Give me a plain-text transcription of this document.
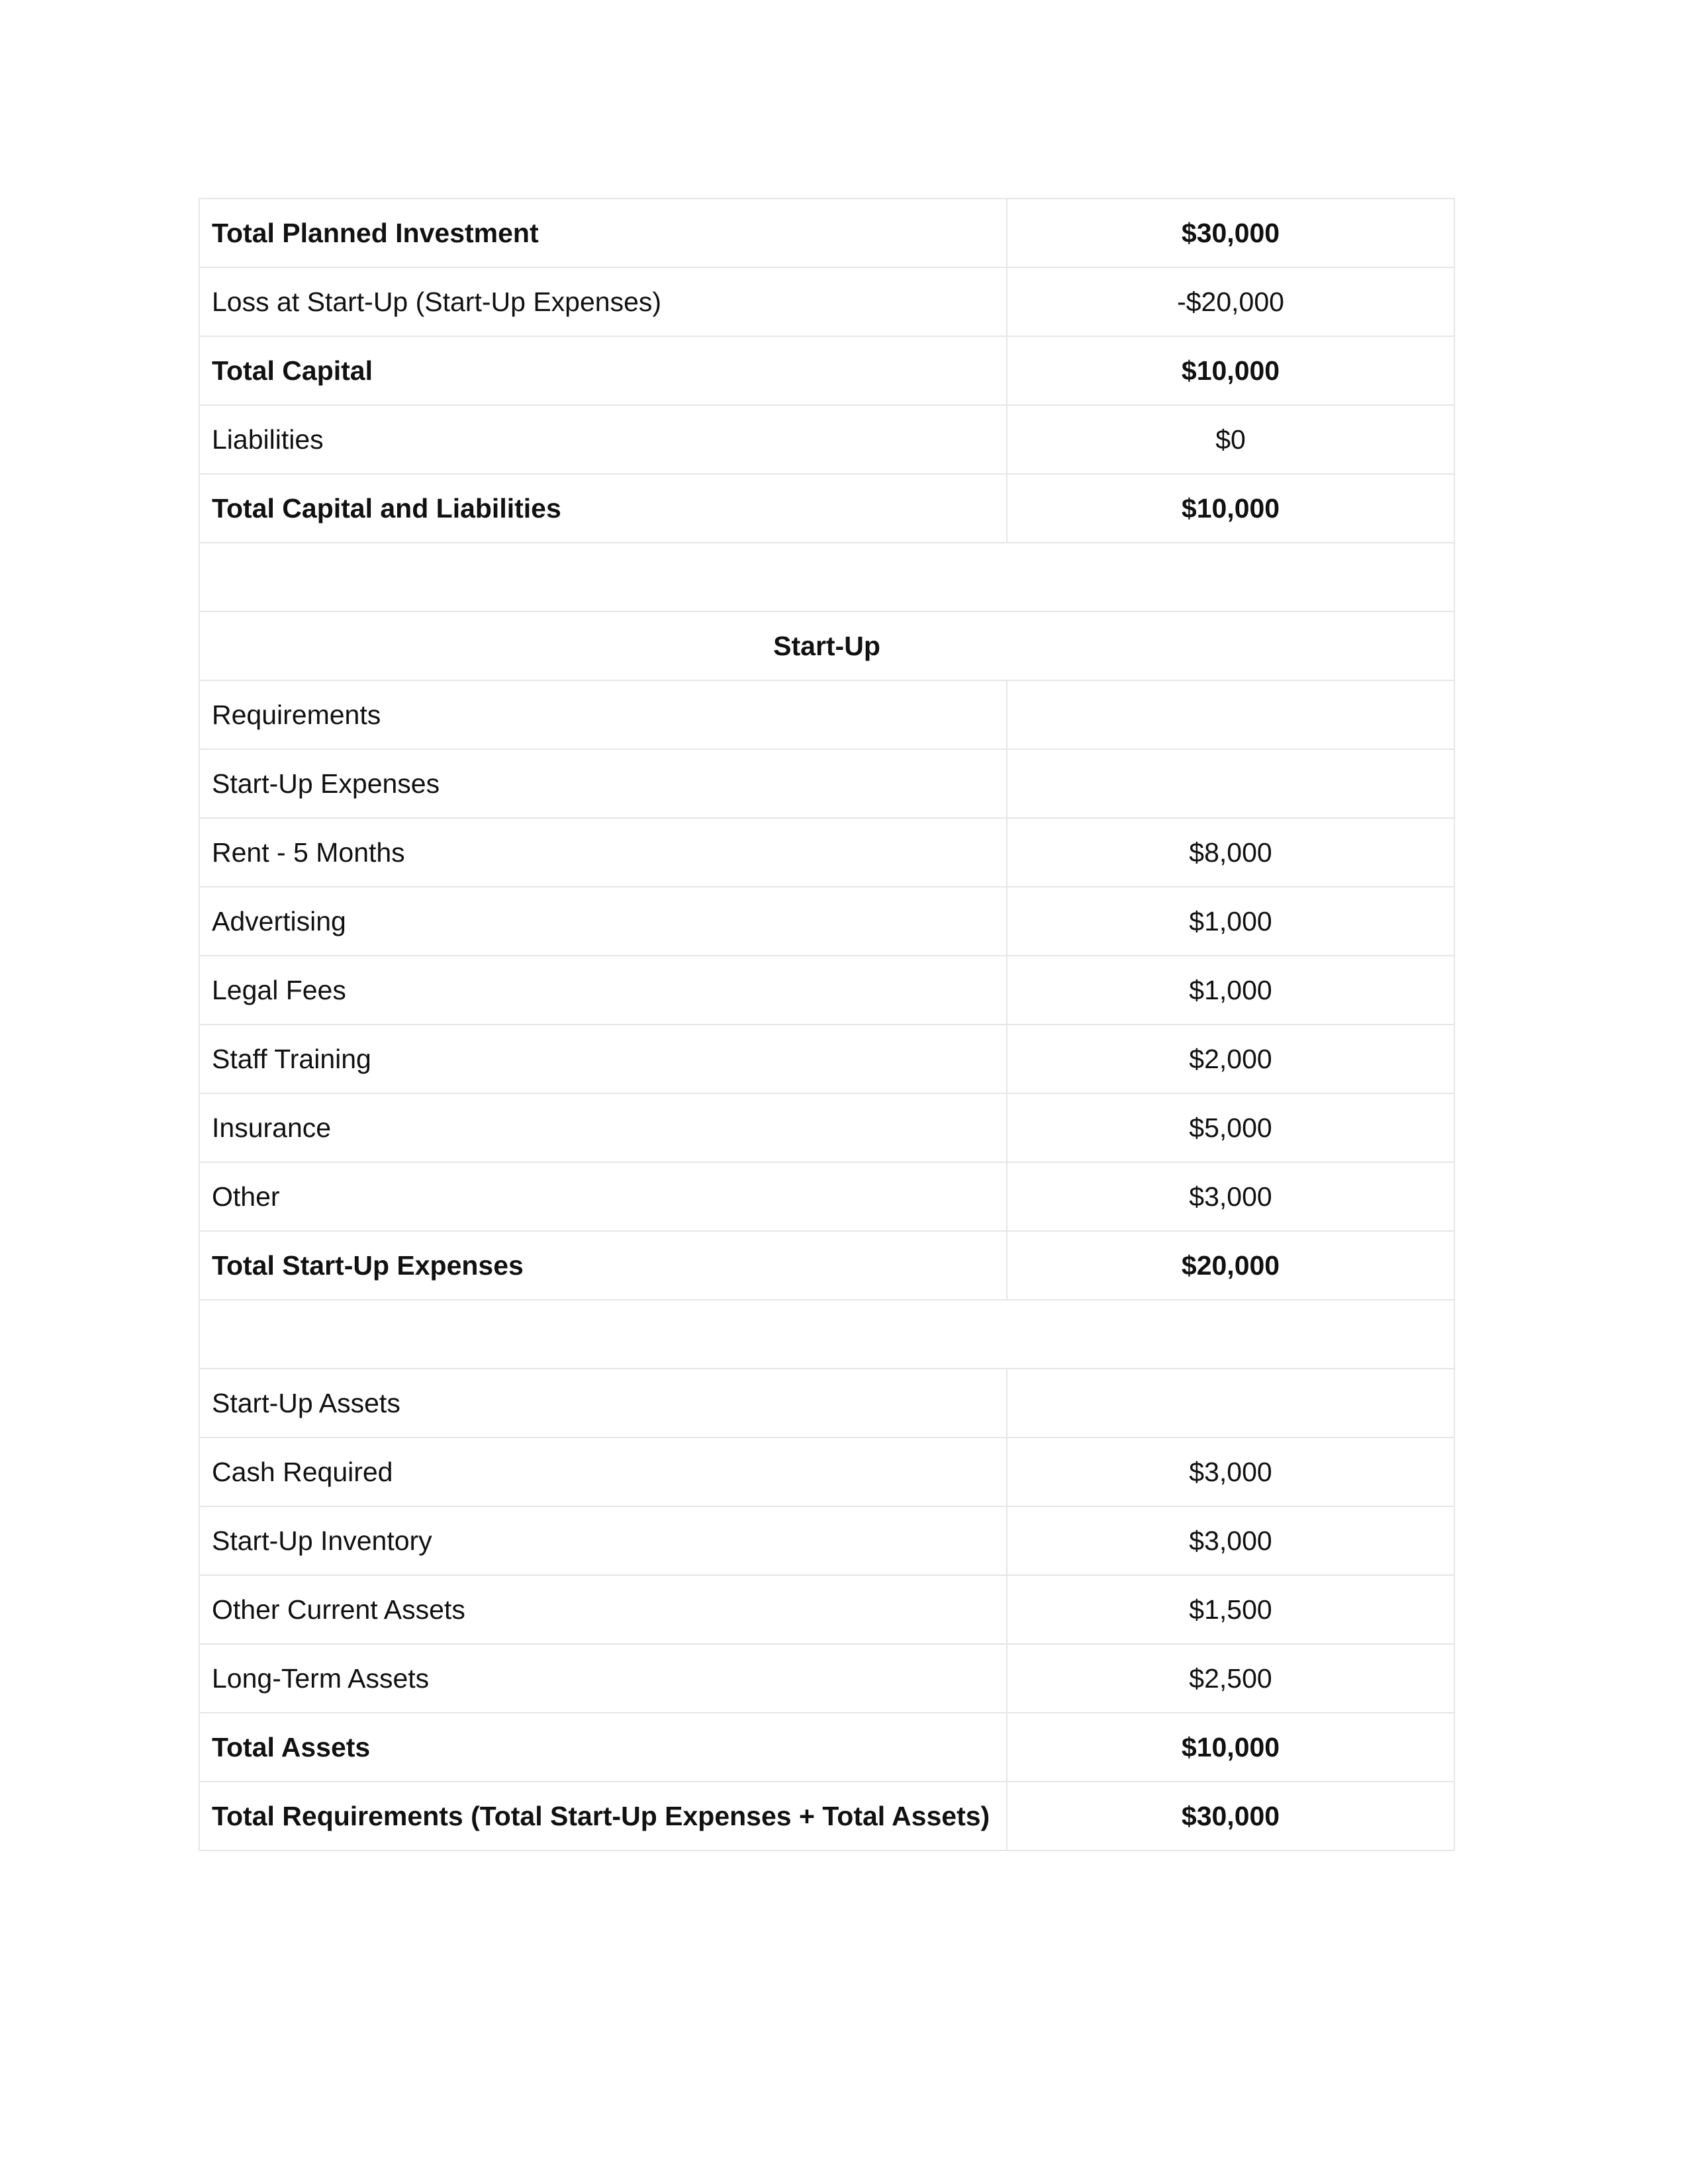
Total Planned Investment	$30,000
Loss at Start-Up (Start-Up Expenses)	-$20,000
Total Capital	$10,000
Liabilities	$0
Total Capital and Liabilities	$10,000

Start-Up	
Requirements	
Start-Up Expenses	
Rent - 5 Months	$8,000
Advertising	$1,000
Legal Fees	$1,000
Staff Training	$2,000
Insurance	$5,000
Other	$3,000
Total Start-Up Expenses	$20,000

Start-Up Assets	
Cash Required	$3,000
Start-Up Inventory	$3,000
Other Current Assets	$1,500
Long-Term Assets	$2,500
Total Assets	$10,000
Total Requirements (Total Start-Up Expenses + Total Assets)	$30,000
